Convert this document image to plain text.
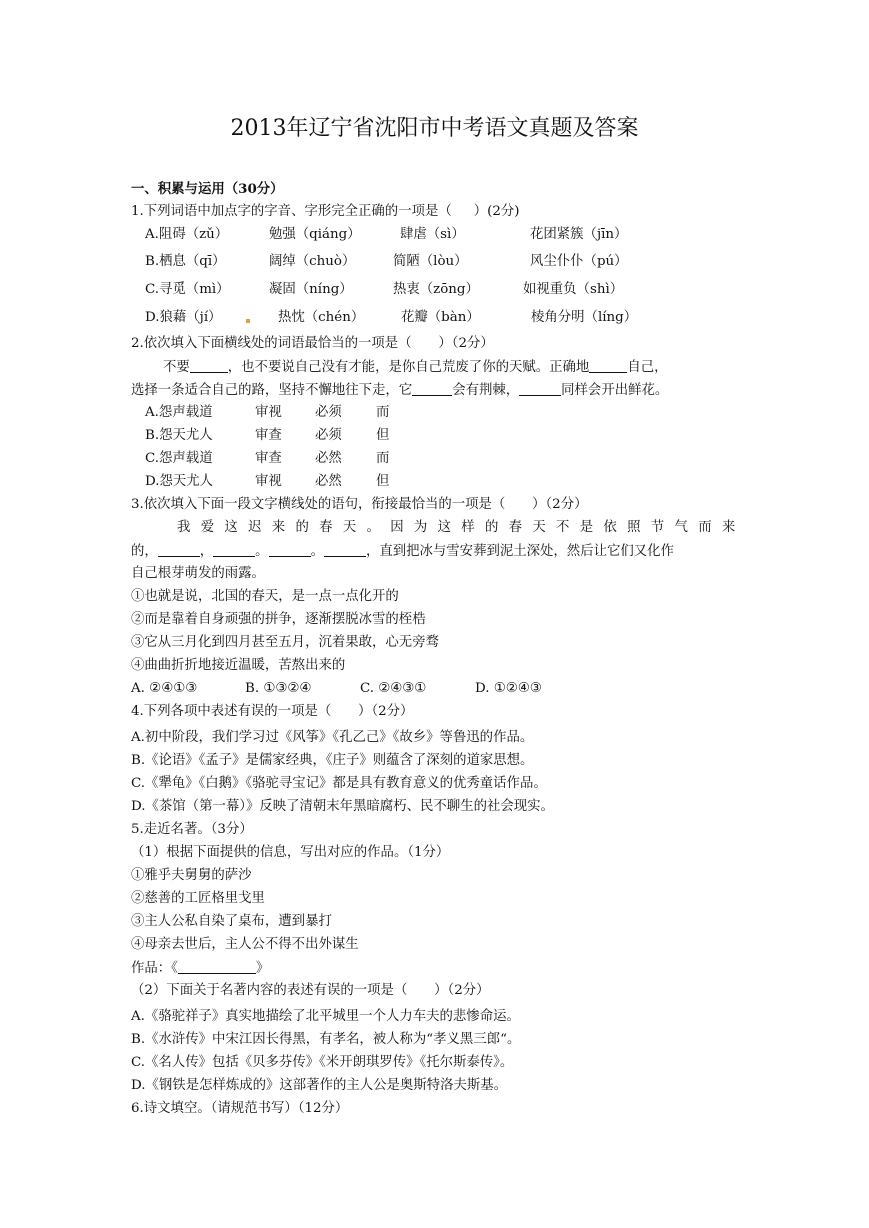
2013年辽宁省沈阳市中考语文真题及答案
一、积累与运用（30分）
1.下列词语中加点字的字音、字形完全正确的一项是（ ）(2分)
A.阻碍（zǔ）	勉强（qiáng）	肆虐（sì）	花团紧簇（jīn）
B.栖息（qī）	阔绰（chuò）	简陋（lòu）	风尘仆仆（pú）
C.寻觅（mì）	凝固（níng）	热衷（zōng）	如视重负（shì）
D.狼藉（jí）	热忱（chén）	花瓣（bàn）	棱角分明（líng）
2.依次填入下面横线处的词语最恰当的一项是（　　）（2分）
不要	，也不要说自己没有才能，是你自己荒废了你的天赋。正确地	自己，
选择一条适合自己的路，坚持不懈地往下走，它	会有荆棘，	同样会开出鲜花。
A.怨声载道	审视 必须	而
B.怨天尤人	审查 必须	但
C.怨声载道	审查 必然	而
D.怨天尤人	审视 必然	但
3.依次填入下面一段文字横线处的语句，衔接最恰当的一项是（　　）（2分）
我爱这迟来的春天。因为这样的春天不是依照节气而来
的，	，	。	。	，直到把冰与雪安葬到泥土深处，然后让它们又化作
自己根芽萌发的雨露。
①也就是说，北国的春天，是一点一点化开的
②而是靠着自身顽强的拼争，逐渐摆脱冰雪的桎梏
③它从三月化到四月甚至五月，沉着果敢，心无旁骛
④曲曲折折地接近温暖，苦熬出来的
A. ②④①③	B. ①③②④	C. ②④③①	D. ①②④③
4.下列各项中表述有误的一项是（　　）（2分）
A.初中阶段，我们学习过《风筝》《孔乙己》《故乡》等鲁迅的作品。
B.《论语》《孟子》是儒家经典，《庄子》则蕴含了深刻的道家思想。
C.《犟龟》《白鹅》《骆驼寻宝记》都是具有教育意义的优秀童话作品。
D.《茶馆（第一幕）》反映了清朝末年黑暗腐朽、民不聊生的社会现实。
5.走近名著。（3分）
（1）根据下面提供的信息，写出对应的作品。（1分）
①雅乎夫舅舅的萨沙
②慈善的工匠格里戈里
③主人公私自染了桌布，遭到暴打
④母亲去世后，主人公不得不出外谋生
作品：《	》
（2）下面关于名著内容的表述有误的一项是（　　）（2分）
A.《骆驼祥子》真实地描绘了北平城里一个人力车夫的悲惨命运。
B.《水浒传》中宋江因长得黑，有孝名，被人称为“孝义黑三郎“。
C.《名人传》包括《贝多芬传》《米开朗琪罗传》《托尔斯泰传》。
D.《钢铁是怎样炼成的》这部著作的主人公是奥斯特洛夫斯基。
6.诗文填空。（请规范书写）（12分）
